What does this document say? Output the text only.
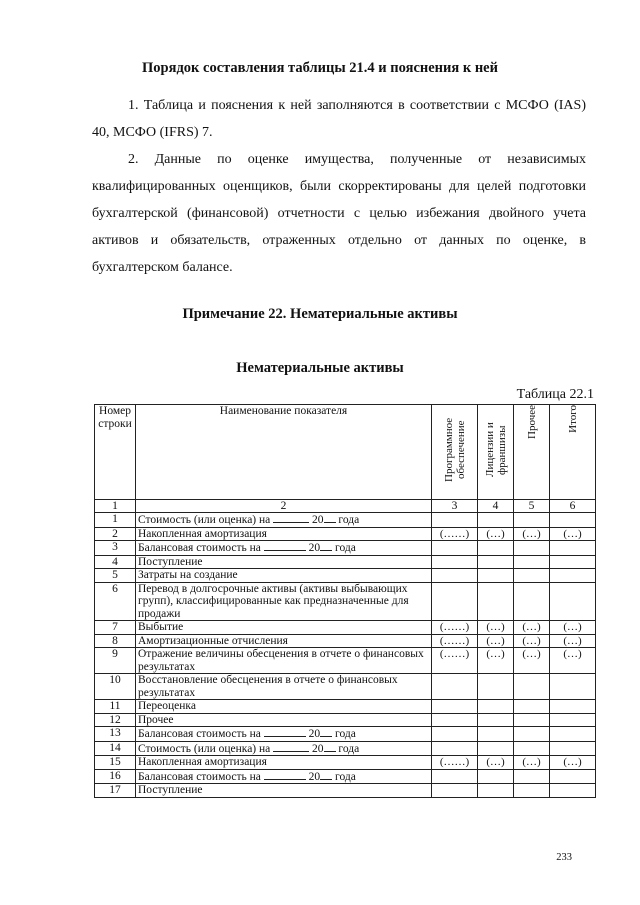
Порядок составления таблицы 21.4 и пояснения к ней
1. Таблица и пояснения к ней заполняются в соответствии с МСФО (IAS) 40, МСФО (IFRS) 7.
2. Данные по оценке имущества, полученные от независимых квалифицированных оценщиков, были скорректированы для целей подготовки бухгалтерской (финансовой) отчетности с целью избежания двойного учета активов и обязательств, отраженных отдельно от данных по оценке, в бухгалтерском балансе.
Примечание 22. Нематериальные активы
Нематериальные активы
Таблица 22.1
Номер строки	Наименование показателя	Программное обеспечение	Лицензии и франшизы	Прочее	Итого
1	2	3	4	5	6
1	Стоимость (или оценка) на 20 года				
2	Накопленная амортизация	(……)	(…)	(…)	(…)
3	Балансовая стоимость на 20 года				
4	Поступление				
5	Затраты на создание				
6	Перевод в долгосрочные активы (активы выбывающих групп), классифицированные как предназначенные для продажи				
7	Выбытие	(……)	(…)	(…)	(…)
8	Амортизационные отчисления	(……)	(…)	(…)	(…)
9	Отражение величины обесценения в отчете о финансовых результатах	(……)	(…)	(…)	(…)
10	Восстановление обесценения в отчете о финансовых результатах				
11	Переоценка				
12	Прочее				
13	Балансовая стоимость на 20 года				
14	Стоимость (или оценка) на 20 года				
15	Накопленная амортизация	(……)	(…)	(…)	(…)
16	Балансовая стоимость на 20 года				
17	Поступление				
233
